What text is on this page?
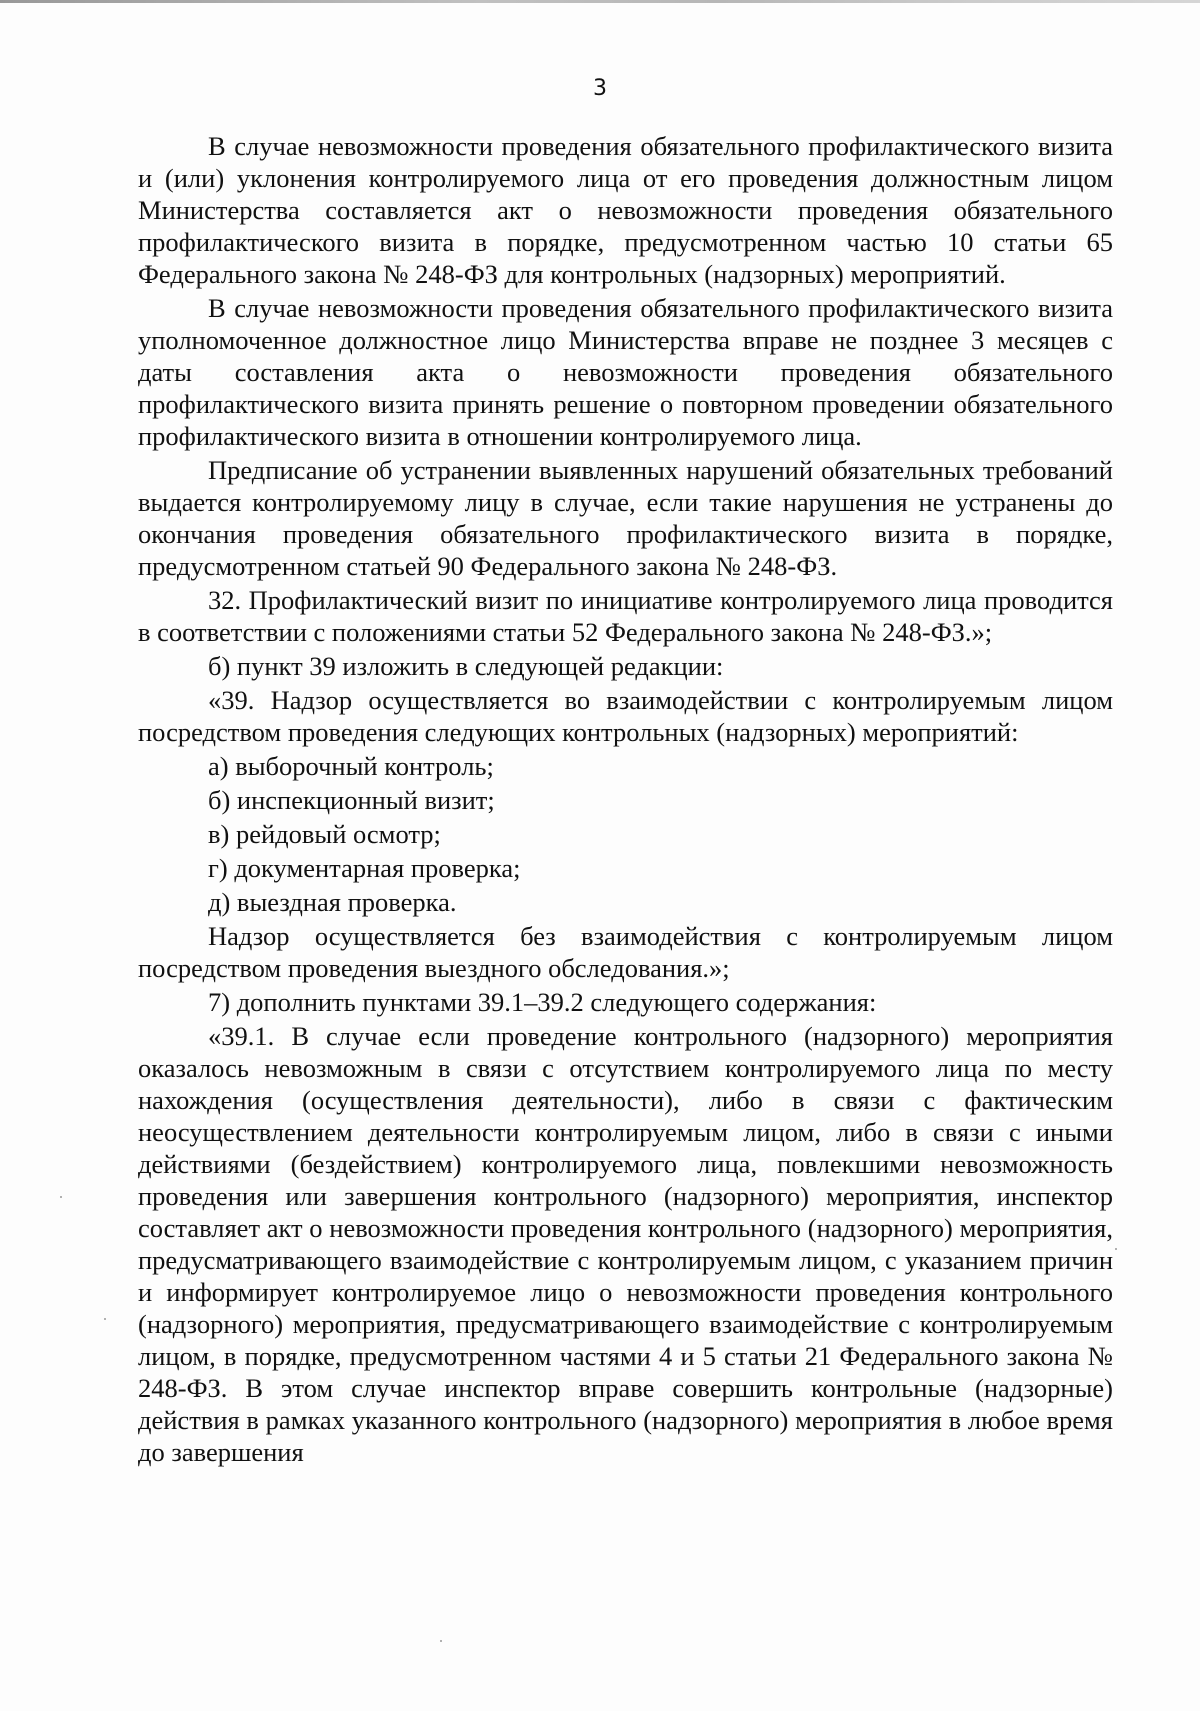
3

В случае невозможности проведения обязательного профилактического визита и (или) уклонения контролируемого лица от его проведения должностным лицом Министерства составляется акт о невозможности проведения обязательного профилактического визита в порядке, предусмотренном частью 10 статьи 65 Федерального закона № 248-ФЗ для контрольных (надзорных) мероприятий.

В случае невозможности проведения обязательного профилактического визита уполномоченное должностное лицо Министерства вправе не позднее 3 месяцев с даты составления акта о невозможности проведения обязательного профилактического визита принять решение о повторном проведении обязательного профилактического визита в отношении контролируемого лица.

Предписание об устранении выявленных нарушений обязательных требований выдается контролируемому лицу в случае, если такие нарушения не устранены до окончания проведения обязательного профилактического визита в порядке, предусмотренном статьей 90 Федерального закона № 248-ФЗ.

32. Профилактический визит по инициативе контролируемого лица проводится в соответствии с положениями статьи 52 Федерального закона № 248-ФЗ.»;

б) пункт 39 изложить в следующей редакции:

«39. Надзор осуществляется во взаимодействии с контролируемым лицом посредством проведения следующих контрольных (надзорных) мероприятий:

а) выборочный контроль;

б) инспекционный визит;

в) рейдовый осмотр;

г) документарная проверка;

д) выездная проверка.

Надзор осуществляется без взаимодействия с контролируемым лицом посредством проведения выездного обследования.»;

7) дополнить пунктами 39.1–39.2 следующего содержания:

«39.1. В случае если проведение контрольного (надзорного) мероприятия оказалось невозможным в связи с отсутствием контролируемого лица по месту нахождения (осуществления деятельности), либо в связи с фактическим неосуществлением деятельности контролируемым лицом, либо в связи с иными действиями (бездействием) контролируемого лица, повлекшими невозможность проведения или завершения контрольного (надзорного) мероприятия, инспектор составляет акт о невозможности проведения контрольного (надзорного) мероприятия, предусматривающего взаимодействие с контролируемым лицом, с указанием причин и информирует контролируемое лицо о невозможности проведения контрольного (надзорного) мероприятия, предусматривающего взаимодействие с контролируемым лицом, в порядке, предусмотренном частями 4 и 5 статьи 21 Федерального закона № 248-ФЗ. В этом случае инспектор вправе совершить контрольные (надзорные) действия в рамках указанного контрольного (надзорного) мероприятия в любое время до завершения
